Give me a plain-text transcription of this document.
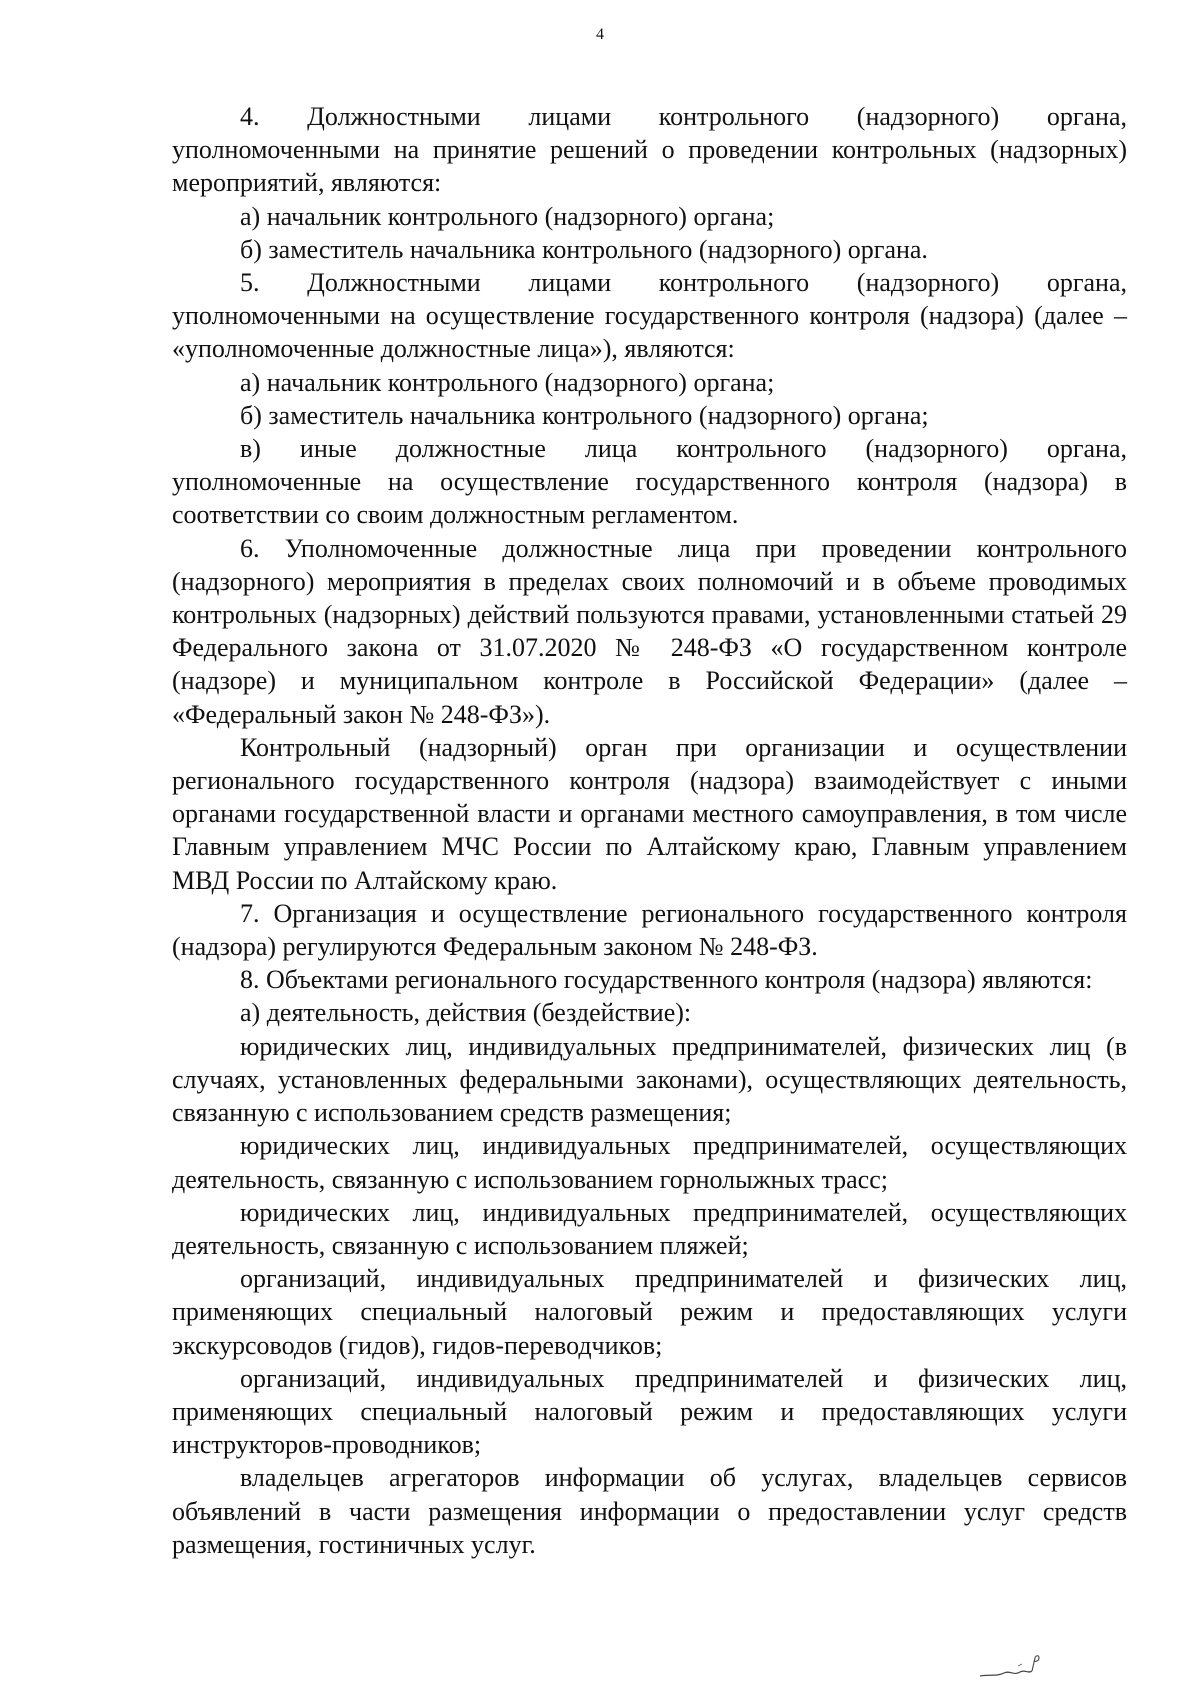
4

4. Должностными лицами контрольного (надзорного) органа, уполномоченными на принятие решений о проведении контрольных (надзорных) мероприятий, являются:

а) начальник контрольного (надзорного) органа;

б) заместитель начальника контрольного (надзорного) органа.

5. Должностными лицами контрольного (надзорного) органа, уполномоченными на осуществление государственного контроля (надзора) (далее – «уполномоченные должностные лица»), являются:

а) начальник контрольного (надзорного) органа;

б) заместитель начальника контрольного (надзорного) органа;

в) иные должностные лица контрольного (надзорного) органа, уполномоченные на осуществление государственного контроля (надзора) в соответствии со своим должностным регламентом.

6. Уполномоченные должностные лица при проведении контрольного (надзорного) мероприятия в пределах своих полномочий и в объеме проводимых контрольных (надзорных) действий пользуются правами, установленными статьей 29 Федерального закона от 31.07.2020 № 248-ФЗ «О государственном контроле (надзоре) и муниципальном контроле в Российской Федерации» (далее – «Федеральный закон № 248-ФЗ»).

Контрольный (надзорный) орган при организации и осуществлении регионального государственного контроля (надзора) взаимодействует с иными органами государственной власти и органами местного самоуправления, в том числе Главным управлением МЧС России по Алтайскому краю, Главным управлением МВД России по Алтайскому краю.

7. Организация и осуществление регионального государственного контроля (надзора) регулируются Федеральным законом № 248-ФЗ.

8. Объектами регионального государственного контроля (надзора) являются:

а) деятельность, действия (бездействие):

юридических лиц, индивидуальных предпринимателей, физических лиц (в случаях, установленных федеральными законами), осуществляющих деятельность, связанную с использованием средств размещения;

юридических лиц, индивидуальных предпринимателей, осуществляющих деятельность, связанную с использованием горнолыжных трасс;

юридических лиц, индивидуальных предпринимателей, осуществляющих деятельность, связанную с использованием пляжей;

организаций, индивидуальных предпринимателей и физических лиц, применяющих специальный налоговый режим и предоставляющих услуги экскурсоводов (гидов), гидов-переводчиков;

организаций, индивидуальных предпринимателей и физических лиц, применяющих специальный налоговый режим и предоставляющих услуги инструкторов-проводников;

владельцев агрегаторов информации об услугах, владельцев сервисов объявлений в части размещения информации о предоставлении услуг средств размещения, гостиничных услуг.
